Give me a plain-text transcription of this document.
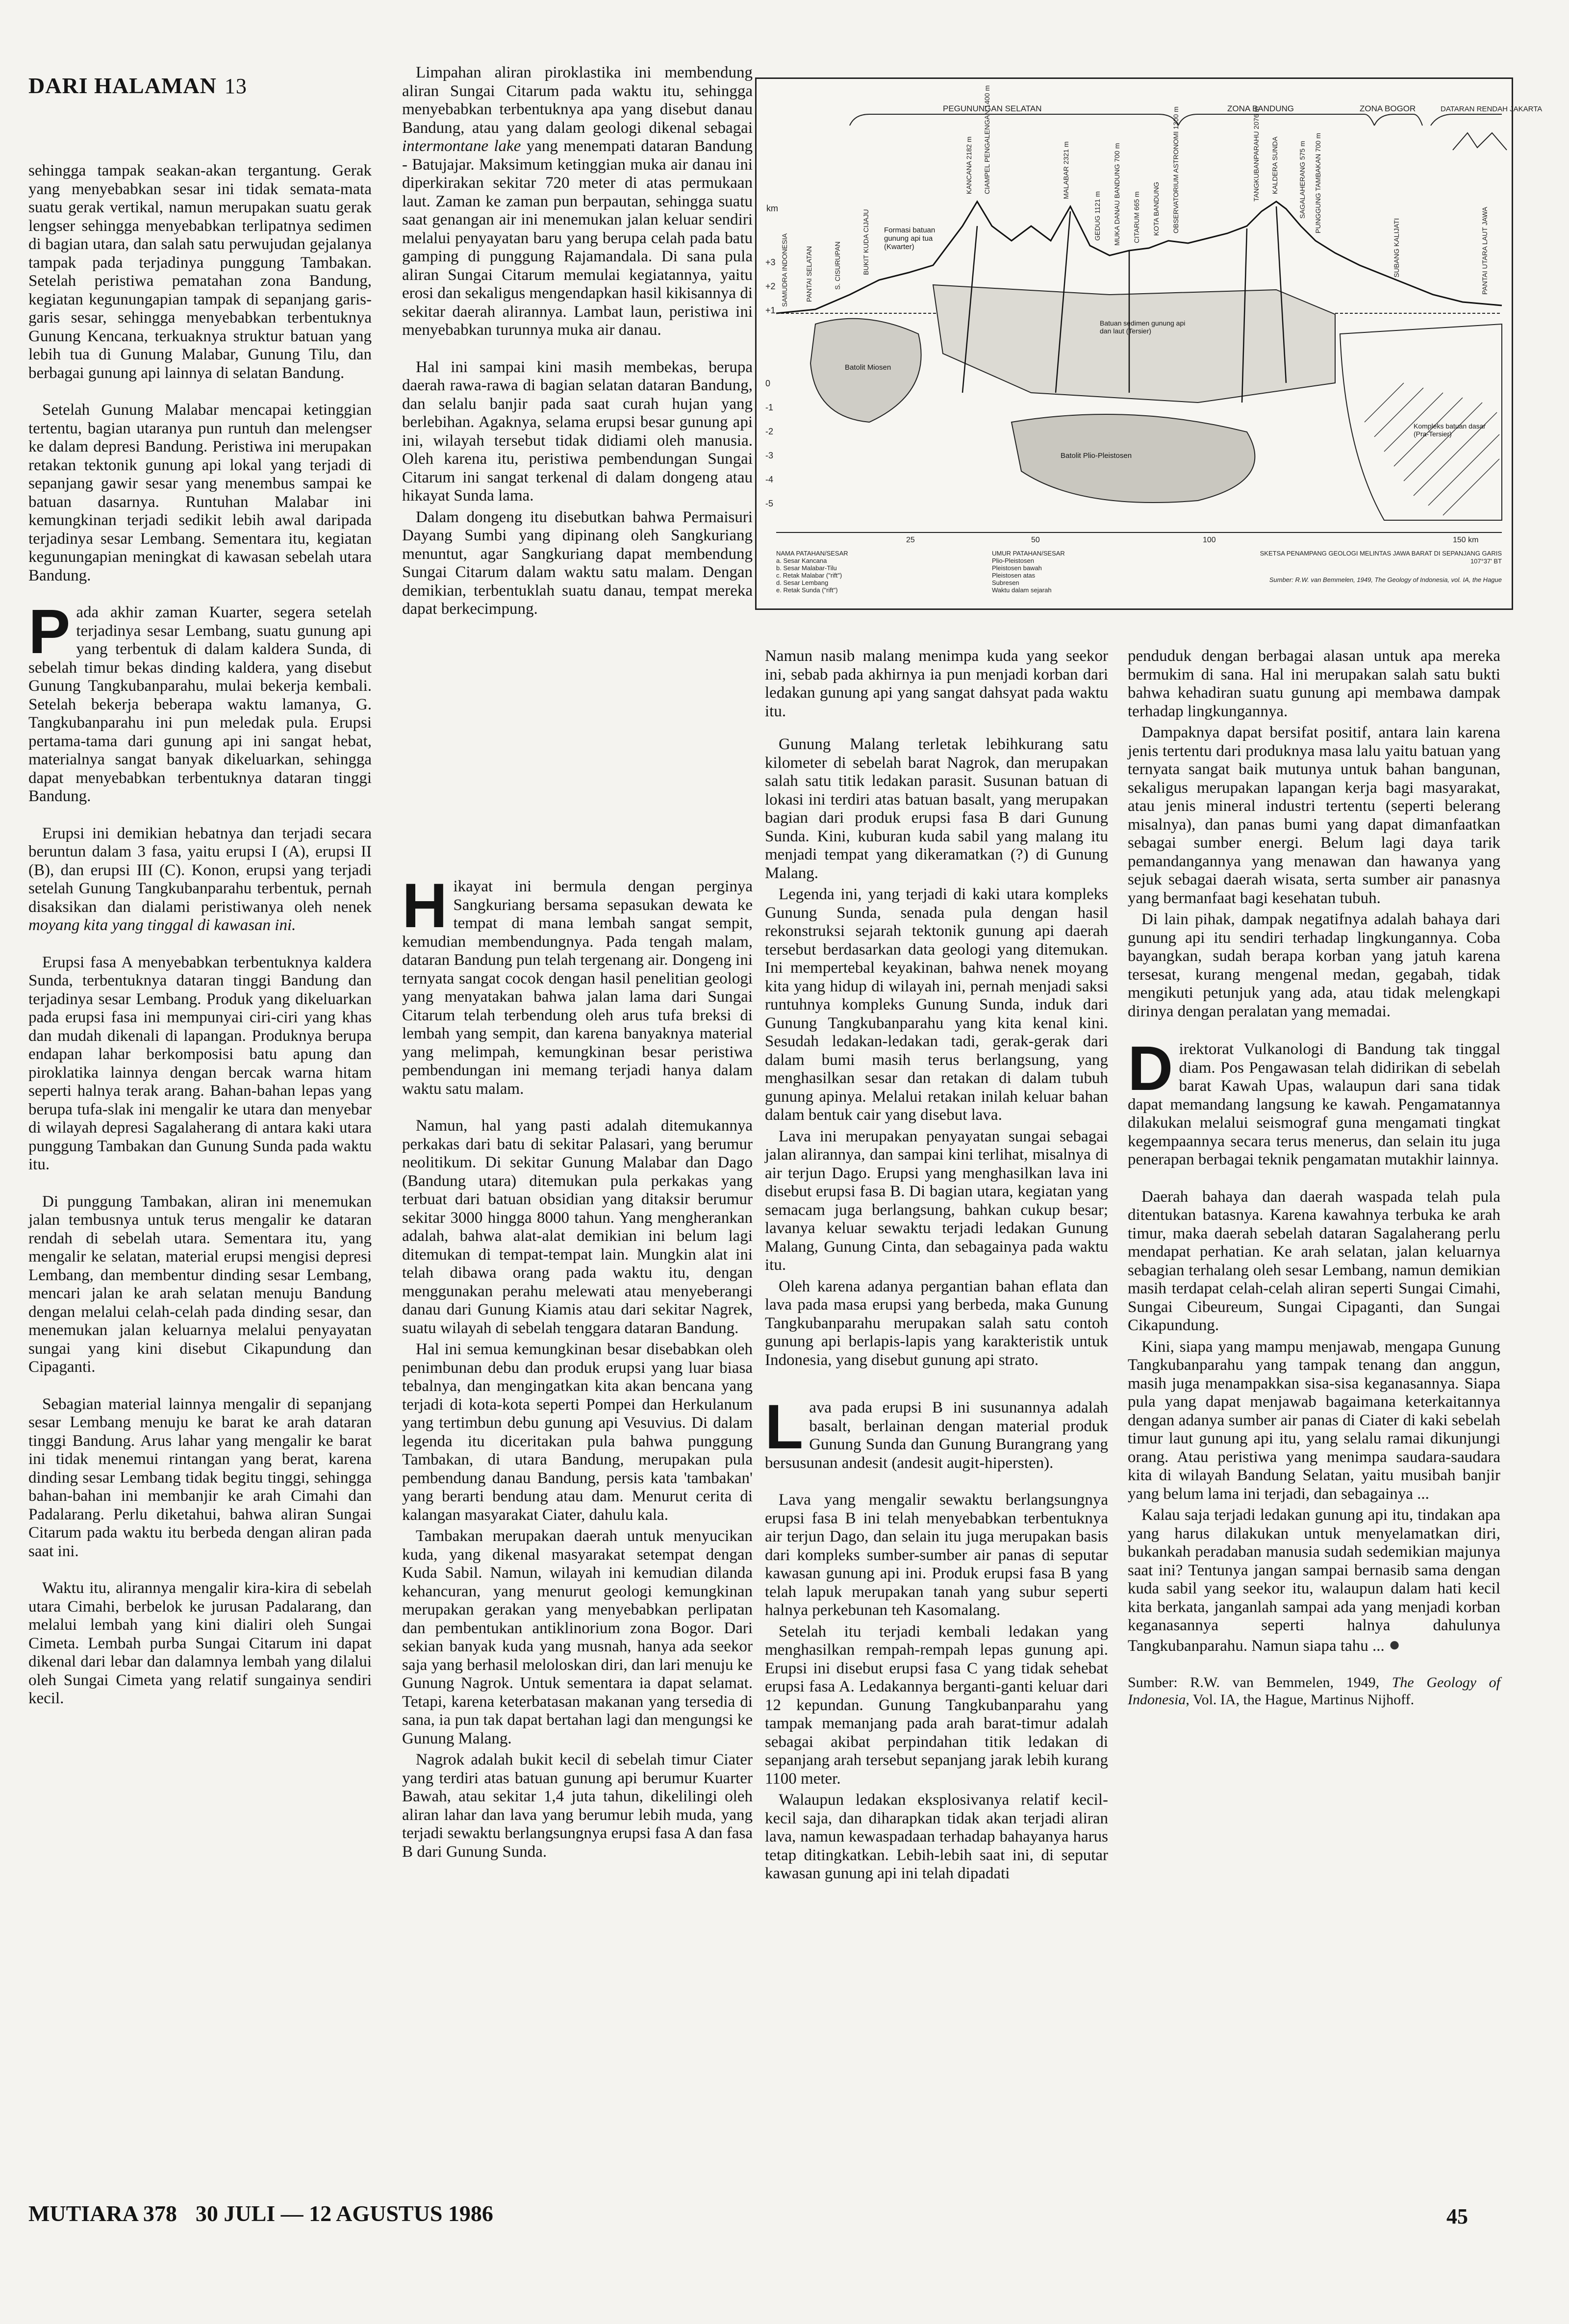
DARI HALAMAN 13

sehingga tampak seakan-akan tergantung. Gerak yang menyebabkan sesar ini tidak semata-mata suatu gerak vertikal, namun merupakan suatu gerak lengser sehingga menyebabkan terlipatnya sedimen di bagian utara, dan salah satu perwujudan gejalanya tampak pada terjadinya punggung Tambakan. Setelah peristiwa pematahan zona Bandung, kegiatan kegunungapian tampak di sepanjang garis-garis sesar, sehingga menyebabkan terbentuknya Gunung Kencana, terkuaknya struktur batuan yang lebih tua di Gunung Malabar, Gunung Tilu, dan berbagai gunung api lainnya di selatan Bandung.

Setelah Gunung Malabar mencapai ketinggian tertentu, bagian utaranya pun runtuh dan melengser ke dalam depresi Bandung. Peristiwa ini merupakan retakan tektonik gunung api lokal yang terjadi di sepanjang gawir sesar yang menembus sampai ke batuan dasarnya. Runtuhan Malabar ini kemungkinan terjadi sedikit lebih awal daripada terjadinya sesar Lembang. Sementara itu, kegiatan kegunungapian meningkat di kawasan sebelah utara Bandung.

Pada akhir zaman Kuarter, segera setelah terjadinya sesar Lembang, suatu gunung api yang terbentuk di dalam kaldera Sunda, di sebelah timur bekas dinding kaldera, yang disebut Gunung Tangkubanparahu, mulai bekerja kembali. Setelah bekerja beberapa waktu lamanya, G. Tangkubanparahu ini pun meledak pula. Erupsi pertama-tama dari gunung api ini sangat hebat, materialnya sangat banyak dikeluarkan, sehingga dapat menyebabkan terbentuknya dataran tinggi Bandung.

Erupsi ini demikian hebatnya dan terjadi secara beruntun dalam 3 fasa, yaitu erupsi I (A), erupsi II (B), dan erupsi III (C). Konon, erupsi yang terjadi setelah Gunung Tangkubanparahu terbentuk, pernah disaksikan dan dialami peristiwanya oleh nenek moyang kita yang tinggal di kawasan ini.

Erupsi fasa A menyebabkan terbentuknya kaldera Sunda, terbentuknya dataran tinggi Bandung dan terjadinya sesar Lembang. Produk yang dikeluarkan pada erupsi fasa ini mempunyai ciri-ciri yang khas dan mudah dikenali di lapangan. Produknya berupa endapan lahar berkomposisi batu apung dan piroklatika lainnya dengan bercak warna hitam seperti halnya terak arang. Bahan-bahan lepas yang berupa tufa-slak ini mengalir ke utara dan menyebar di wilayah depresi Sagalaherang di antara kaki utara punggung Tambakan dan Gunung Sunda pada waktu itu.

Di punggung Tambakan, aliran ini menemukan jalan tembusnya untuk terus mengalir ke dataran rendah di sebelah utara. Sementara itu, yang mengalir ke selatan, material erupsi mengisi depresi Lembang, dan membentur dinding sesar Lembang, mencari jalan ke arah selatan menuju Bandung dengan melalui celah-celah pada dinding sesar, dan menemukan jalan keluarnya melalui penyayatan sungai yang kini disebut Cikapundung dan Cipaganti.

Sebagian material lainnya mengalir di sepanjang sesar Lembang menuju ke barat ke arah dataran tinggi Bandung. Arus lahar yang mengalir ke barat ini tidak menemui rintangan yang berat, karena dinding sesar Lembang tidak begitu tinggi, sehingga bahan-bahan ini membanjir ke arah Cimahi dan Padalarang. Perlu diketahui, bahwa aliran Sungai Citarum pada waktu itu berbeda dengan aliran pada saat ini.

Waktu itu, alirannya mengalir kira-kira di sebelah utara Cimahi, berbelok ke jurusan Padalarang, dan melalui lembah yang kini dialiri oleh Sungai Cimeta. Lembah purba Sungai Citarum ini dapat dikenal dari lebar dan dalamnya lembah yang dilalui oleh Sungai Cimeta yang relatif sungainya sendiri kecil.

Limpahan aliran piroklastika ini membendung aliran Sungai Citarum pada waktu itu, sehingga menyebabkan terbentuknya apa yang disebut danau Bandung, atau yang dalam geologi dikenal sebagai intermontane lake yang menempati dataran Bandung - Batujajar. Maksimum ketinggian muka air danau ini diperkirakan sekitar 720 meter di atas permukaan laut. Zaman ke zaman pun berpautan, sehingga suatu saat genangan air ini menemukan jalan keluar sendiri melalui penyayatan baru yang berupa celah pada batu gamping di punggung Rajamandala. Di sana pula aliran Sungai Citarum memulai kegiatannya, yaitu erosi dan sekaligus mengendapkan hasil kikisannya di sekitar daerah alirannya. Lambat laun, peristiwa ini menyebabkan turunnya muka air danau.

Hal ini sampai kini masih membekas, berupa daerah rawa-rawa di bagian selatan dataran Bandung, dan selalu banjir pada saat curah hujan yang berlebihan. Agaknya, selama erupsi besar gunung api ini, wilayah tersebut tidak didiami oleh manusia. Oleh karena itu, peristiwa pembendungan Sungai Citarum ini sangat terkenal di dalam dongeng atau hikayat Sunda lama.

Dalam dongeng itu disebutkan bahwa Permaisuri Dayang Sumbi yang dipinang oleh Sangkuriang menuntut, agar Sangkuriang dapat membendung Sungai Citarum dalam waktu satu malam. Dengan demikian, terbentuklah suatu danau, tempat mereka dapat berkecimpung.

Hikayat ini bermula dengan perginya Sangkuriang bersama sepasukan dewata ke tempat di mana lembah sangat sempit, kemudian membendungnya. Pada tengah malam, dataran Bandung pun telah tergenang air. Dongeng ini ternyata sangat cocok dengan hasil penelitian geologi yang menyatakan bahwa jalan lama dari Sungai Citarum telah terbendung oleh arus tufa breksi di lembah yang sempit, dan karena banyaknya material yang melimpah, kemungkinan besar peristiwa pembendungan ini memang terjadi hanya dalam waktu satu malam.

Namun, hal yang pasti adalah ditemukannya perkakas dari batu di sekitar Palasari, yang berumur neolitikum. Di sekitar Gunung Malabar dan Dago (Bandung utara) ditemukan pula perkakas yang terbuat dari batuan obsidian yang ditaksir berumur sekitar 3000 hingga 8000 tahun. Yang mengherankan adalah, bahwa alat-alat demikian ini belum lagi ditemukan di tempat-tempat lain. Mungkin alat ini telah dibawa orang pada waktu itu, dengan menggunakan perahu melewati atau menyeberangi danau dari Gunung Kiamis atau dari sekitar Nagrek, suatu wilayah di sebelah tenggara dataran Bandung.

Hal ini semua kemungkinan besar disebabkan oleh penimbunan debu dan produk erupsi yang luar biasa tebalnya, dan mengingatkan kita akan bencana yang terjadi di kota-kota seperti Pompei dan Herkulanum yang tertimbun debu gunung api Vesuvius. Di dalam legenda itu diceritakan pula bahwa punggung Tambakan, di utara Bandung, merupakan pula pembendung danau Bandung, persis kata 'tambakan' yang berarti bendung atau dam. Menurut cerita di kalangan masyarakat Ciater, dahulu kala.

Tambakan merupakan daerah untuk menyucikan kuda, yang dikenal masyarakat setempat dengan Kuda Sabil. Namun, wilayah ini kemudian dilanda kehancuran, yang menurut geologi kemungkinan merupakan gerakan yang menyebabkan perlipatan dan pembentukan antiklinorium zona Bogor. Dari sekian banyak kuda yang musnah, hanya ada seekor saja yang berhasil meloloskan diri, dan lari menuju ke Gunung Nagrok. Untuk sementara ia dapat selamat. Tetapi, karena keterbatasan makanan yang tersedia di sana, ia pun tak dapat bertahan lagi dan mengungsi ke Gunung Malang.

Nagrok adalah bukit kecil di sebelah timur Ciater yang terdiri atas batuan gunung api berumur Kuarter Bawah, atau sekitar 1,4 juta tahun, dikelilingi oleh aliran lahar dan lava yang berumur lebih muda, yang terjadi sewaktu berlangsungnya erupsi fasa A dan fasa B dari Gunung Sunda.

PEGUNUNGAN SELATAN	ZONA BANDUNG	ZONA BOGOR	DATARAN RENDAH JAKARTA
km
+3
+2
+1
0
-1
-2
-3
-4
-5
SAMUDRA INDONESIA PANTAI SELATAN	S. CISURUPAN	BUKIT KUDA CIJAJU
KANCANA 2182 m CIAMPEL PENGALENGAN 1400 m	MALABAR 2321 m
GEDUG 1121 m MUKA DANAU BANDUNG 700 m CITARUM 665 m KOTA BANDUNG OBSERVATORIUM ASTRONOMI 1300 m	TANGKUBANPARAHU 2076 m KALDERA SUNDA	SAGALAHERANG 575 m PUNGGUNG TAMBAKAN 700 m
SUBANG KALIJATI	PANTAI UTARA LAUT JAWA
Formasi batuan gunung api tua (Kwarter)
Batolit Miosen
Batuan sedimen gunung api dan laut (Tersier)
Batolit Plio-Pleistosen
Kompleks batuan dasar (Pra-Tersier)
25	50	100	150 km
NAMA PATAHAN/SESAR
a. Sesar Kancana
b. Sesar Malabar-Tilu
c. Retak Malabar ("rift")
d. Sesar Lembang
e. Retak Sunda ("rift")
UMUR PATAHAN/SESAR
Plio-Pleistosen
Pleistosen bawah
Pleistosen atas
Subresen
Waktu dalam sejarah
SKETSA PENAMPANG GEOLOGI MELINTAS JAWA BARAT DI SEPANJANG GARIS 107°37' BT
Sumber: R.W. van Bemmelen, 1949, The Geology of Indonesia, vol. IA, the Hague

Namun nasib malang menimpa kuda yang seekor ini, sebab pada akhirnya ia pun menjadi korban dari ledakan gunung api yang sangat dahsyat pada waktu itu.

Gunung Malang terletak lebihkurang satu kilometer di sebelah barat Nagrok, dan merupakan salah satu titik ledakan parasit. Susunan batuan di lokasi ini terdiri atas batuan basalt, yang merupakan bagian dari produk erupsi fasa B dari Gunung Sunda. Kini, kuburan kuda sabil yang malang itu menjadi tempat yang dikeramatkan (?) di Gunung Malang.

Legenda ini, yang terjadi di kaki utara kompleks Gunung Sunda, senada pula dengan hasil rekonstruksi sejarah tektonik gunung api daerah tersebut berdasarkan data geologi yang ditemukan. Ini mempertebal keyakinan, bahwa nenek moyang kita yang hidup di wilayah ini, pernah menjadi saksi runtuhnya kompleks Gunung Sunda, induk dari Gunung Tangkubanparahu yang kita kenal kini. Sesudah ledakan-ledakan tadi, gerak-gerak dari dalam bumi masih terus berlangsung, yang menghasilkan sesar dan retakan di dalam tubuh gunung apinya. Melalui retakan inilah keluar bahan dalam bentuk cair yang disebut lava.

Lava ini merupakan penyayatan sungai sebagai jalan alirannya, dan sampai kini terlihat, misalnya di air terjun Dago. Erupsi yang menghasilkan lava ini disebut erupsi fasa B. Di bagian utara, kegiatan yang semacam juga berlangsung, bahkan cukup besar; lavanya keluar sewaktu terjadi ledakan Gunung Malang, Gunung Cinta, dan sebagainya pada waktu itu.

Oleh karena adanya pergantian bahan eflata dan lava pada masa erupsi yang berbeda, maka Gunung Tangkubanparahu merupakan salah satu contoh gunung api berlapis-lapis yang karakteristik untuk Indonesia, yang disebut gunung api strato.

Lava pada erupsi B ini susunannya adalah basalt, berlainan dengan material produk Gunung Sunda dan Gunung Burangrang yang bersusunan andesit (andesit augit-hipersten).

Lava yang mengalir sewaktu berlangsungnya erupsi fasa B ini telah menyebabkan terbentuknya air terjun Dago, dan selain itu juga merupakan basis dari kompleks sumber-sumber air panas di seputar kawasan gunung api ini. Produk erupsi fasa B yang telah lapuk merupakan tanah yang subur seperti halnya perkebunan teh Kasomalang.

Setelah itu terjadi kembali ledakan yang menghasilkan rempah-rempah lepas gunung api. Erupsi ini disebut erupsi fasa C yang tidak sehebat erupsi fasa A. Ledakannya berganti-ganti keluar dari 12 kepundan. Gunung Tangkubanparahu yang tampak memanjang pada arah barat-timur adalah sebagai akibat perpindahan titik ledakan di sepanjang arah tersebut sepanjang jarak lebih kurang 1100 meter.

Walaupun ledakan eksplosivanya relatif kecil-kecil saja, dan diharapkan tidak akan terjadi aliran lava, namun kewaspadaan terhadap bahayanya harus tetap ditingkatkan. Lebih-lebih saat ini, di seputar kawasan gunung api ini telah dipadati

penduduk dengan berbagai alasan untuk apa mereka bermukim di sana. Hal ini merupakan salah satu bukti bahwa kehadiran suatu gunung api membawa dampak terhadap lingkungannya.

Dampaknya dapat bersifat positif, antara lain karena jenis tertentu dari produknya masa lalu yaitu batuan yang ternyata sangat baik mutunya untuk bahan bangunan, sekaligus merupakan lapangan kerja bagi masyarakat, atau jenis mineral industri tertentu (seperti belerang misalnya), dan panas bumi yang dapat dimanfaatkan sebagai sumber energi. Belum lagi daya tarik pemandangannya yang menawan dan hawanya yang sejuk sebagai daerah wisata, serta sumber air panasnya yang bermanfaat bagi kesehatan tubuh.

Di lain pihak, dampak negatifnya adalah bahaya dari gunung api itu sendiri terhadap lingkungannya. Coba bayangkan, sudah berapa korban yang jatuh karena tersesat, kurang mengenal medan, gegabah, tidak mengikuti petunjuk yang ada, atau tidak melengkapi dirinya dengan peralatan yang memadai.

Direktorat Vulkanologi di Bandung tak tinggal diam. Pos Pengawasan telah didirikan di sebelah barat Kawah Upas, walaupun dari sana tidak dapat memandang langsung ke kawah. Pengamatannya dilakukan melalui seismograf guna mengamati tingkat kegempaannya secara terus menerus, dan selain itu juga penerapan berbagai teknik pengamatan mutakhir lainnya.

Daerah bahaya dan daerah waspada telah pula ditentukan batasnya. Karena kawahnya terbuka ke arah timur, maka daerah sebelah dataran Sagalaherang perlu mendapat perhatian. Ke arah selatan, jalan keluarnya sebagian terhalang oleh sesar Lembang, namun demikian masih terdapat celah-celah aliran seperti Sungai Cimahi, Sungai Cibeureum, Sungai Cipaganti, dan Sungai Cikapundung.

Kini, siapa yang mampu menjawab, mengapa Gunung Tangkubanparahu yang tampak tenang dan anggun, masih juga menampakkan sisa-sisa keganasannya. Siapa pula yang dapat menjawab bagaimana keterkaitannya dengan adanya sumber air panas di Ciater di kaki sebelah timur laut gunung api itu, yang selalu ramai dikunjungi orang. Atau peristiwa yang menimpa saudara-saudara kita di wilayah Bandung Selatan, yaitu musibah banjir yang belum lama ini terjadi, dan sebagainya ...

Kalau saja terjadi ledakan gunung api itu, tindakan apa yang harus dilakukan untuk menyelamatkan diri, bukankah peradaban manusia sudah sedemikian majunya saat ini? Tentunya jangan sampai bernasib sama dengan kuda sabil yang seekor itu, walaupun dalam hati kecil kita berkata, janganlah sampai ada yang menjadi korban keganasannya seperti halnya dahulunya Tangkubanparahu. Namun siapa tahu ... ●

Sumber: R.W. van Bemmelen, 1949, The Geology of Indonesia, Vol. IA, the Hague, Martinus Nijhoff.
MUTIARA 378 30 JULI — 12 AGUSTUS 1986	45
